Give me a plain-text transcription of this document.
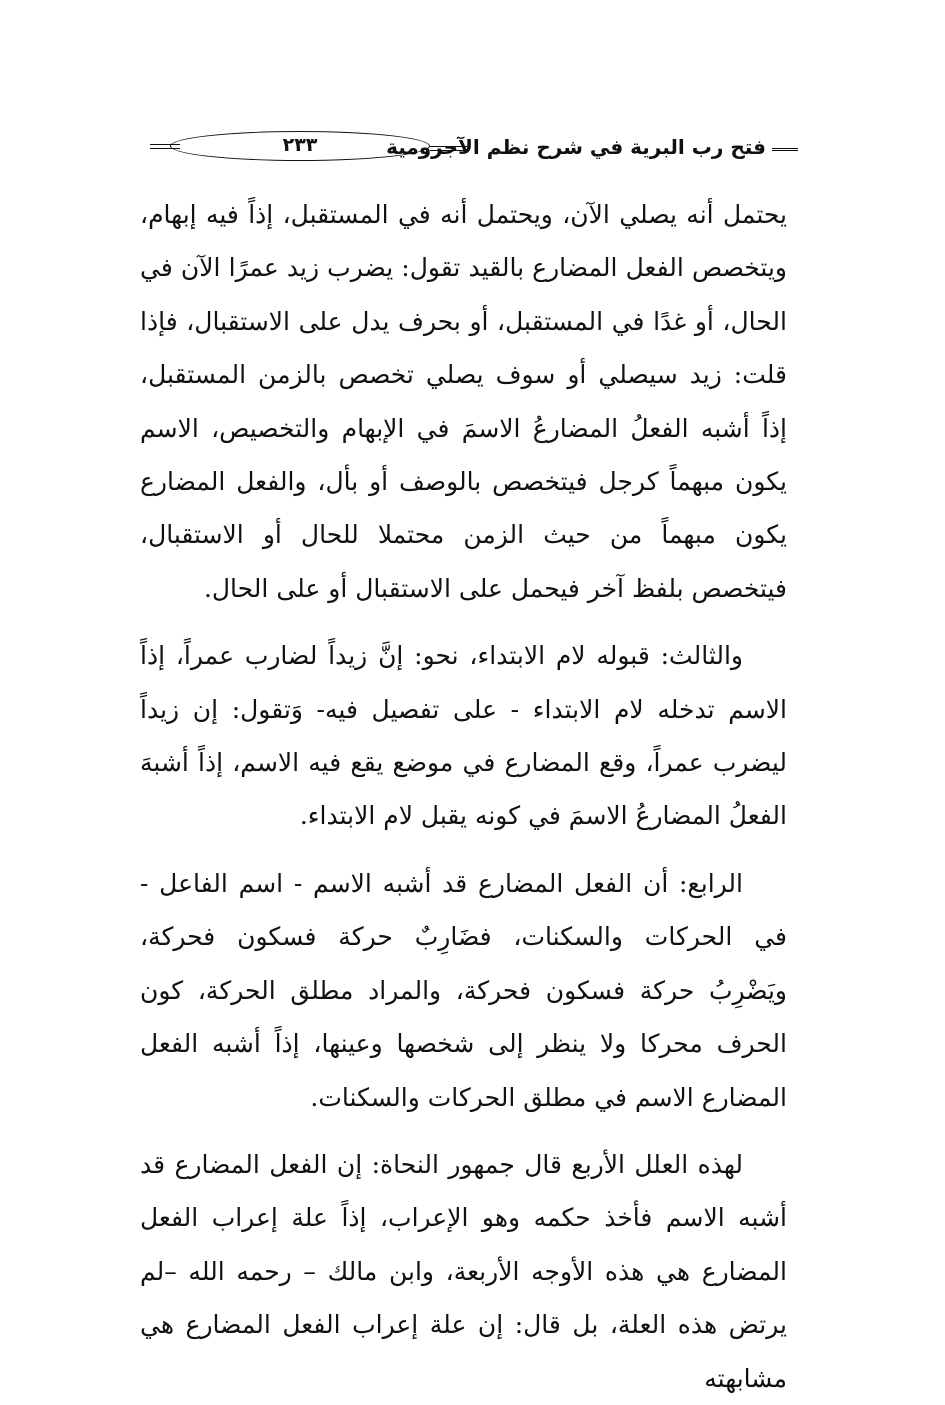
فتح رب البرية في شرح نظم الآجرومية
٢٣٣

يحتمل أنه يصلي الآن، ويحتمل أنه في المستقبل، إذاً فيه إبهام، ويتخصص الفعل المضارع بالقيد تقول: يضرب زيد عمرًا الآن في الحال، أو غدًا في المستقبل، أو بحرف يدل على الاستقبال، فإذا قلت: زيد سيصلي أو سوف يصلي تخصص بالزمن المستقبل، إذاً أشبه الفعلُ المضارعُ الاسمَ في الإبهام والتخصيص، الاسم يكون مبهماً كرجل فيتخصص بالوصف أو بأل، والفعل المضارع يكون مبهماً من حيث الزمن محتملا للحال أو الاستقبال، فيتخصص بلفظ آخر فيحمل على الاستقبال أو على الحال.

والثالث: قبوله لام الابتداء، نحو: إنَّ زيداً لضارب عمراً، إذاً الاسم تدخله لام الابتداء - على تفصيل فيه- وَتقول: إن زيداً ليضرب عمراً، وقع المضارع في موضع يقع فيه الاسم، إذاً أشبهَ الفعلُ المضارعُ الاسمَ في كونه يقبل لام الابتداء.

الرابع: أن الفعل المضارع قد أشبه الاسم - اسم الفاعل - في الحركات والسكنات، فضَارِبٌ حركة فسكون فحركة، ويَضْرِبُ حركة فسكون فحركة، والمراد مطلق الحركة، كون الحرف محركا ولا ينظر إلى شخصها وعينها، إذاً أشبه الفعل المضارع الاسم في مطلق الحركات والسكنات.

لهذه العلل الأربع قال جمهور النحاة: إن الفعل المضارع قد أشبه الاسم فأخذ حكمه وهو الإعراب، إذاً علة إعراب الفعل المضارع هي هذه الأوجه الأربعة، وابن مالك – رحمه الله –لم يرتض هذه العلة، بل قال: إن علة إعراب الفعل المضارع هي مشابهته
